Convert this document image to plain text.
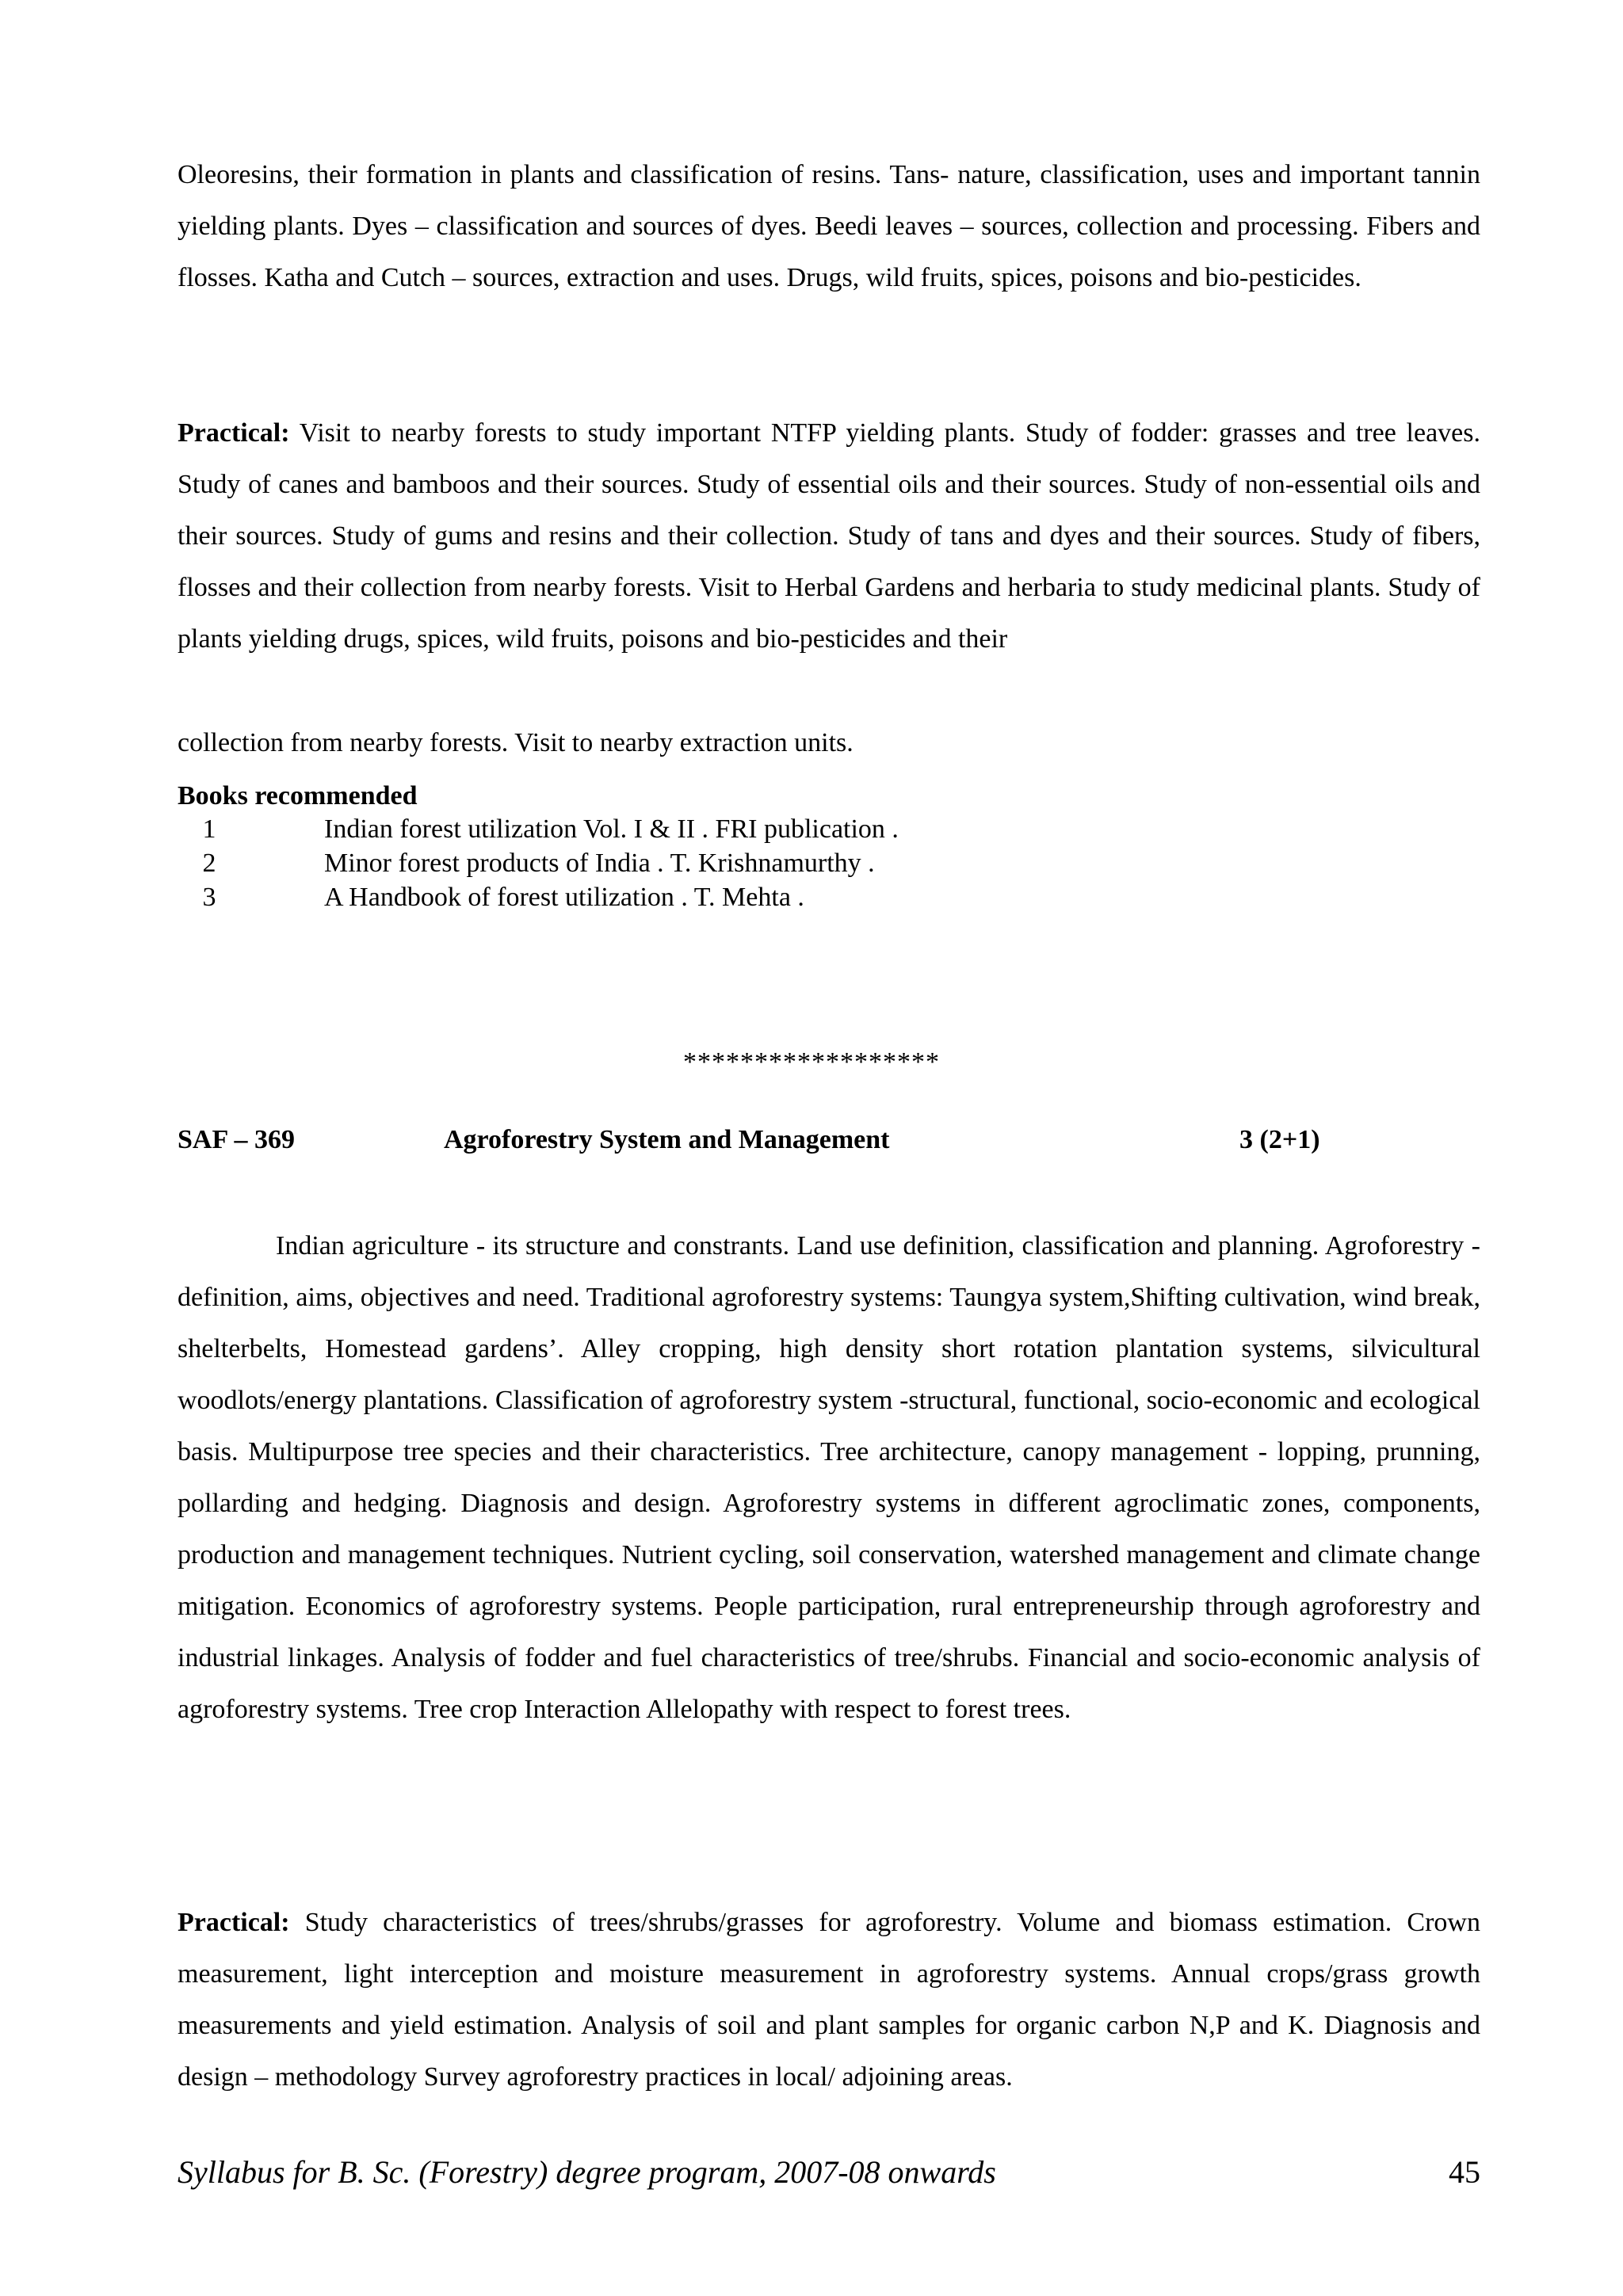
Oleoresins, their formation in plants and classification of resins. Tans- nature, classification, uses and important tannin yielding plants. Dyes – classification and sources of dyes. Beedi leaves – sources, collection and processing. Fibers and flosses. Katha and Cutch – sources, extraction and uses. Drugs, wild fruits, spices, poisons and bio-pesticides.

Practical: Visit to nearby forests to study important NTFP yielding plants. Study of fodder: grasses and tree leaves. Study of canes and bamboos and their sources. Study of essential oils and their sources. Study of non-essential oils and their sources. Study of gums and resins and their collection. Study of tans and dyes and their sources. Study of fibers, flosses and their collection from nearby forests. Visit to Herbal Gardens and herbaria to study medicinal plants. Study of plants yielding drugs, spices, wild fruits, poisons and bio-pesticides and their

collection from nearby forests. Visit to nearby extraction units.

Books recommended
1	Indian forest utilization Vol. I & II . FRI publication .
2	Minor forest products of India . T. Krishnamurthy .
3	A Handbook of forest utilization . T. Mehta .
******************
SAF – 369	Agroforestry System and Management	3 (2+1)

Indian agriculture - its structure and constrants. Land use definition, classification and planning. Agroforestry - definition, aims, objectives and need. Traditional agroforestry systems: Taungya system,Shifting cultivation, wind break, shelterbelts, Homestead gardens’. Alley cropping, high density short rotation plantation systems, silvicultural woodlots/energy plantations. Classification of agroforestry system -structural, functional, socio-economic and ecological basis. Multipurpose tree species and their characteristics. Tree architecture, canopy management - lopping, prunning, pollarding and hedging. Diagnosis and design. Agroforestry systems in different agroclimatic zones, components, production and management techniques. Nutrient cycling, soil conservation, watershed management and climate change mitigation. Economics of agroforestry systems. People participation, rural entrepreneurship through agroforestry and industrial linkages. Analysis of fodder and fuel characteristics of tree/shrubs. Financial and socio-economic analysis of agroforestry systems. Tree crop Interaction Allelopathy with respect to forest trees.

Practical: Study characteristics of trees/shrubs/grasses for agroforestry. Volume and biomass estimation. Crown measurement, light interception and moisture measurement in agroforestry systems. Annual crops/grass growth measurements and yield estimation. Analysis of soil and plant samples for organic carbon N,P and K. Diagnosis and design – methodology Survey agroforestry practices in local/ adjoining areas.

Syllabus for B. Sc. (Forestry) degree program, 2007-08 onwards	45
